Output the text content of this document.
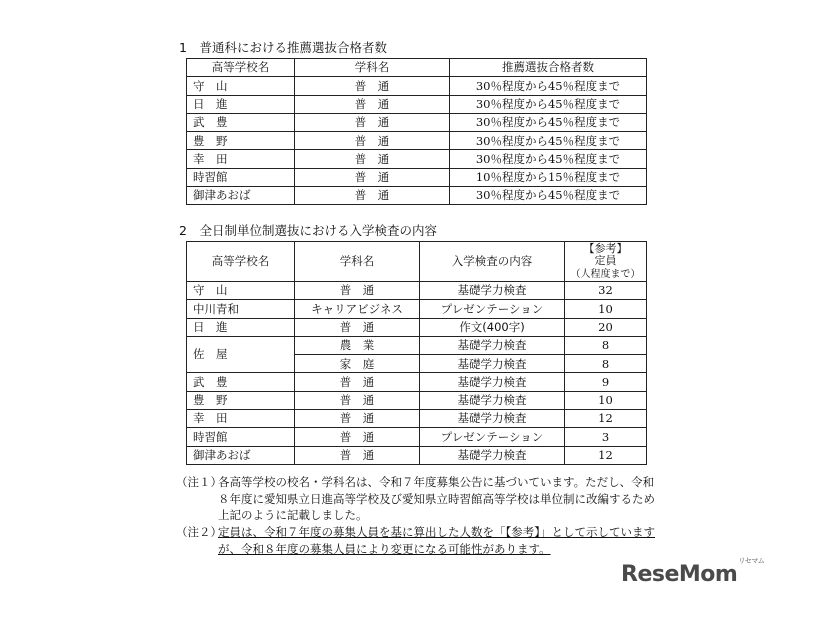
1　普通科における推薦選抜合格者数
高等学校名	学科名	推薦選抜合格者数
守　山	普　通	30％程度から45％程度まで
日　進	普　通	30％程度から45％程度まで
武　豊	普　通	30％程度から45％程度まで
豊　野	普　通	30％程度から45％程度まで
幸　田	普　通	30％程度から45％程度まで
時習館	普　通	10％程度から15％程度まで
御津あおば	普　通	30％程度から45％程度まで
2　全日制単位制選抜における入学検査の内容
高等学校名	学科名	入学検査の内容	【参考】
定員
（人程度まで）

守　山	普　通	基礎学力検査	32
中川青和	キャリアビジネス	プレゼンテーション	10
日　進	普　通	作文(400字)	20
佐　屋	農　業	基礎学力検査	8
	家　庭	基礎学力検査	8
武　豊	普　通	基礎学力検査	9
豊　野	普　通	基礎学力検査	10
幸　田	普　通	基礎学力検査	12
時習館	普　通	プレゼンテーション	3
御津あおば	普　通	基礎学力検査	12
（注１）
各高等学校の校名・学科名は、令和７年度募集公告に基づいています。ただし、令和８年度に愛知県立日進高等学校及び愛知県立時習館高等学校は単位制に改編するため上記のように記載しました。
（注２）
定員は、令和７年度の募集人員を基に算出した人数を「【参考】」として示していますが、令和８年度の募集人員により変更になる可能性があります。
ReseMom$^{リセマム}$
